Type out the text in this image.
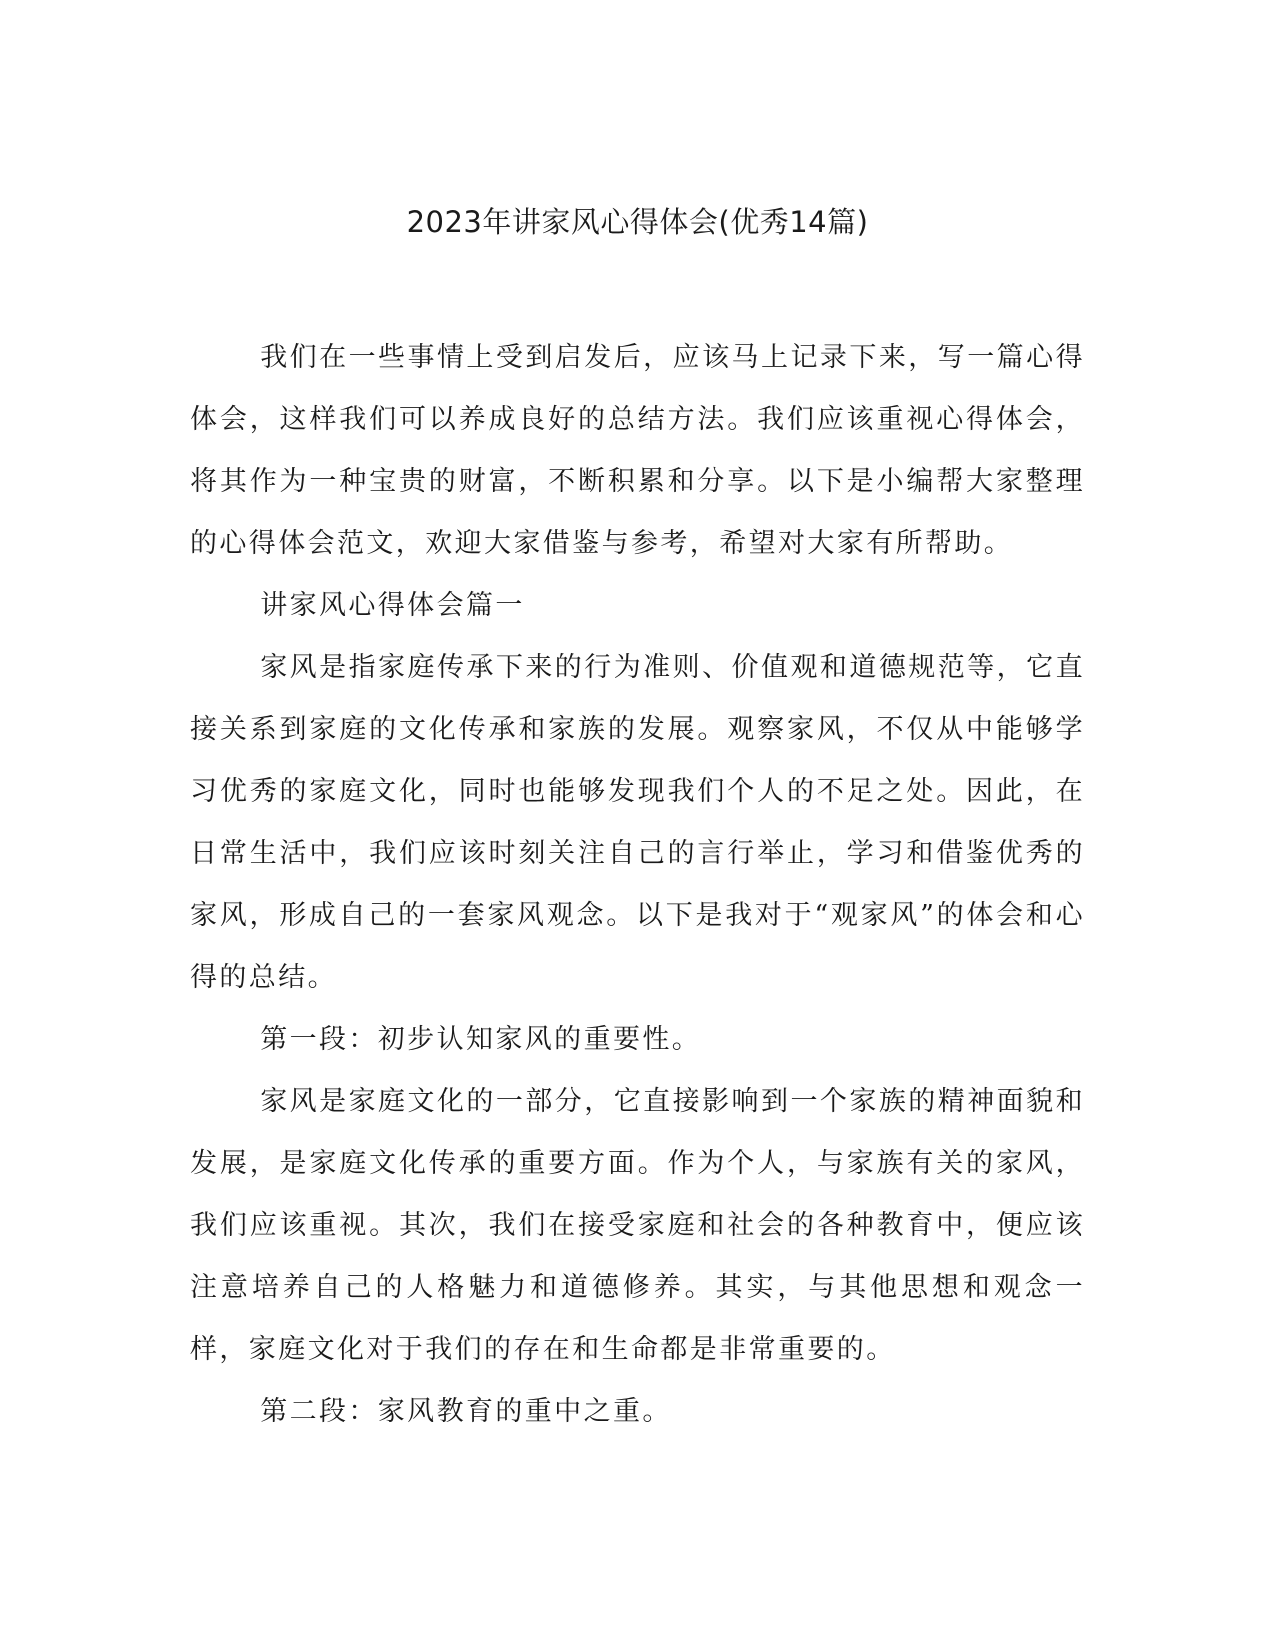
2023年讲家风心得体会(优秀14篇)

我们在一些事情上受到启发后，应该马上记录下来，写一篇心得体会，这样我们可以养成良好的总结方法。我们应该重视心得体会，将其作为一种宝贵的财富，不断积累和分享。以下是小编帮大家整理的心得体会范文，欢迎大家借鉴与参考，希望对大家有所帮助。

讲家风心得体会篇一

家风是指家庭传承下来的行为准则、价值观和道德规范等，它直接关系到家庭的文化传承和家族的发展。观察家风，不仅从中能够学习优秀的家庭文化，同时也能够发现我们个人的不足之处。因此，在日常生活中，我们应该时刻关注自己的言行举止，学习和借鉴优秀的家风，形成自己的一套家风观念。以下是我对于“观家风”的体会和心得的总结。

第一段：初步认知家风的重要性。

家风是家庭文化的一部分，它直接影响到一个家族的精神面貌和发展，是家庭文化传承的重要方面。作为个人，与家族有关的家风，我们应该重视。其次，我们在接受家庭和社会的各种教育中，便应该注意培养自己的人格魅力和道德修养。其实，与其他思想和观念一样，家庭文化对于我们的存在和生命都是非常重要的。

第二段：家风教育的重中之重。
